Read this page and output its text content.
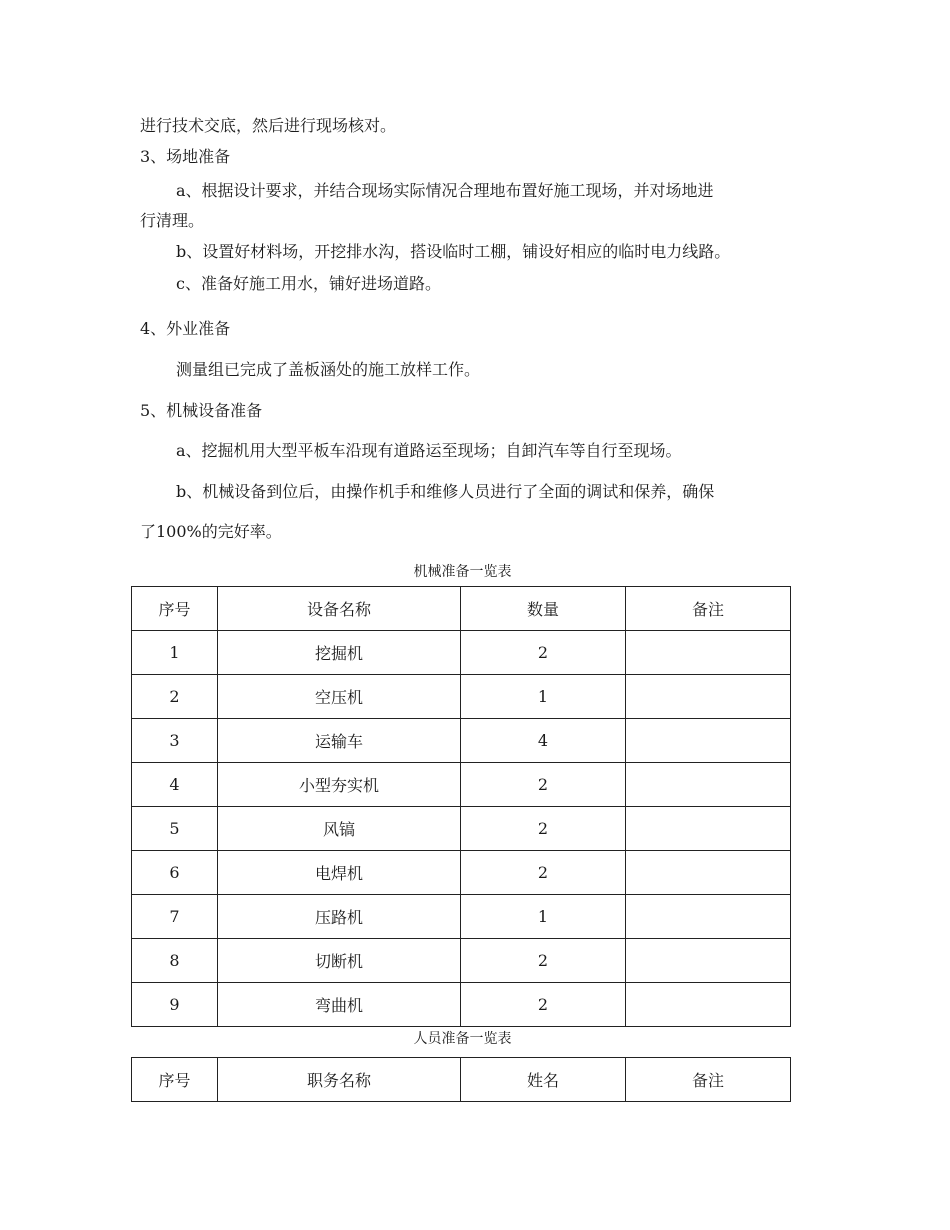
进行技术交底，然后进行现场核对。
3、场地准备
a、根据设计要求，并结合现场实际情况合理地布置好施工现场，并对场地进
行清理。
b、设置好材料场，开挖排水沟，搭设临时工棚，铺设好相应的临时电力线路。
c、准备好施工用水，铺好进场道路。
4、外业准备
测量组已完成了盖板涵处的施工放样工作。
5、机械设备准备
a、挖掘机用大型平板车沿现有道路运至现场；自卸汽车等自行至现场。
b、机械设备到位后，由操作机手和维修人员进行了全面的调试和保养，确保
了100%的完好率。
机械准备一览表
序号	设备名称	数量	备注
1	挖掘机	2	
2	空压机	1	
3	运输车	4	
4	小型夯实机	2	
5	风镐	2	
6	电焊机	2	
7	压路机	1	
8	切断机	2	
9	弯曲机	2	
人员准备一览表
序号	职务名称	姓名	备注
